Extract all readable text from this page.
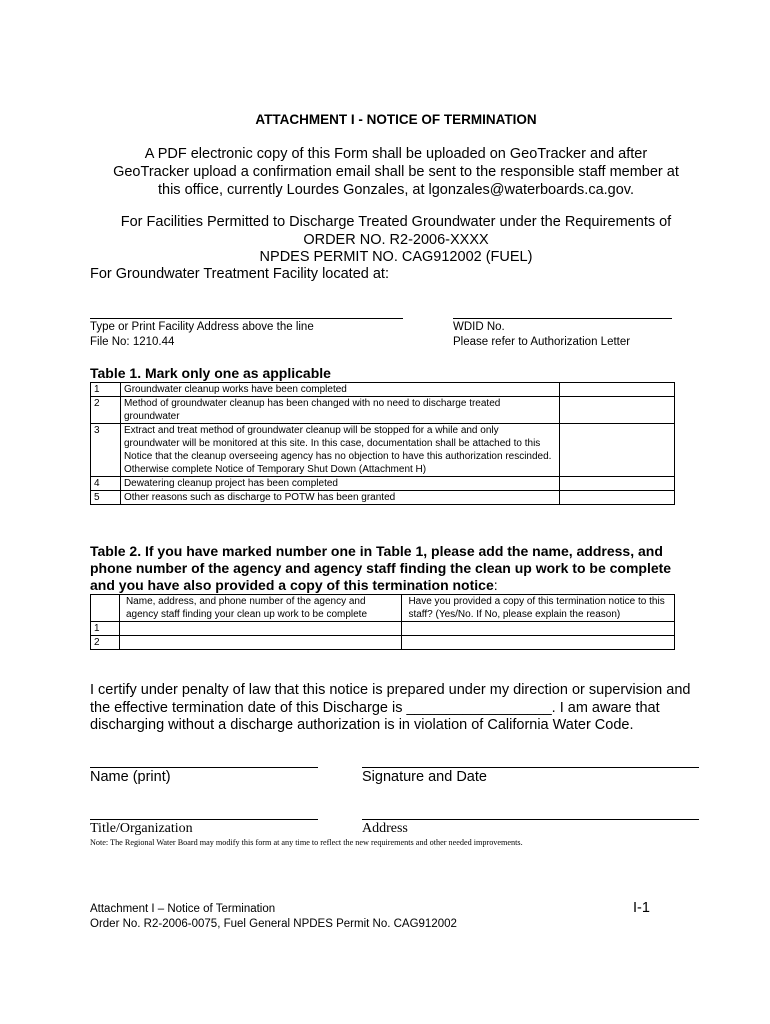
ATTACHMENT I - NOTICE OF TERMINATION
A PDF electronic copy of this Form shall be uploaded on GeoTracker and after
GeoTracker upload a confirmation email shall be sent to the responsible staff member at
this office, currently Lourdes Gonzales, at lgonzales@waterboards.ca.gov.
For Facilities Permitted to Discharge Treated Groundwater under the Requirements of
ORDER NO. R2-2006-XXXX
NPDES PERMIT NO. CAG912002 (FUEL)
For Groundwater Treatment Facility located at:
Type or Print Facility Address above the line
File No: 1210.44
WDID No.
Please refer to Authorization Letter
Table 1. Mark only one as applicable
1	Groundwater cleanup works have been completed	
2	Method of groundwater cleanup has been changed with no need to discharge treated groundwater	
3	Extract and treat method of groundwater cleanup will be stopped for a while and only groundwater will be monitored at this site. In this case, documentation shall be attached to this Notice that the cleanup overseeing agency has no objection to have this authorization rescinded. Otherwise complete Notice of Temporary Shut Down (Attachment H)	
4	Dewatering cleanup project has been completed	
5	Other reasons such as discharge to POTW has been granted	
Table 2. If you have marked number one in Table 1, please add the name, address, and phone number of the agency and agency staff finding the clean up work to be complete and you have also provided a copy of this termination notice:
	Name, address, and phone number of the agency and agency staff finding your clean up work to be complete	Have you provided a copy of this termination notice to this staff? (Yes/No. If No, please explain the reason)
1		
2		
I certify under penalty of law that this notice is prepared under my direction or supervision and the effective termination date of this Discharge is __________________. I am aware that discharging without a discharge authorization is in violation of California Water Code.
Name (print)	Signature and Date
Title/Organization	Address
Note: The Regional Water Board may modify this form at any time to reflect the new requirements and other needed improvements.
Attachment I – Notice of Termination
Order No. R2-2006-0075, Fuel General NPDES Permit No. CAG912002
I-1
